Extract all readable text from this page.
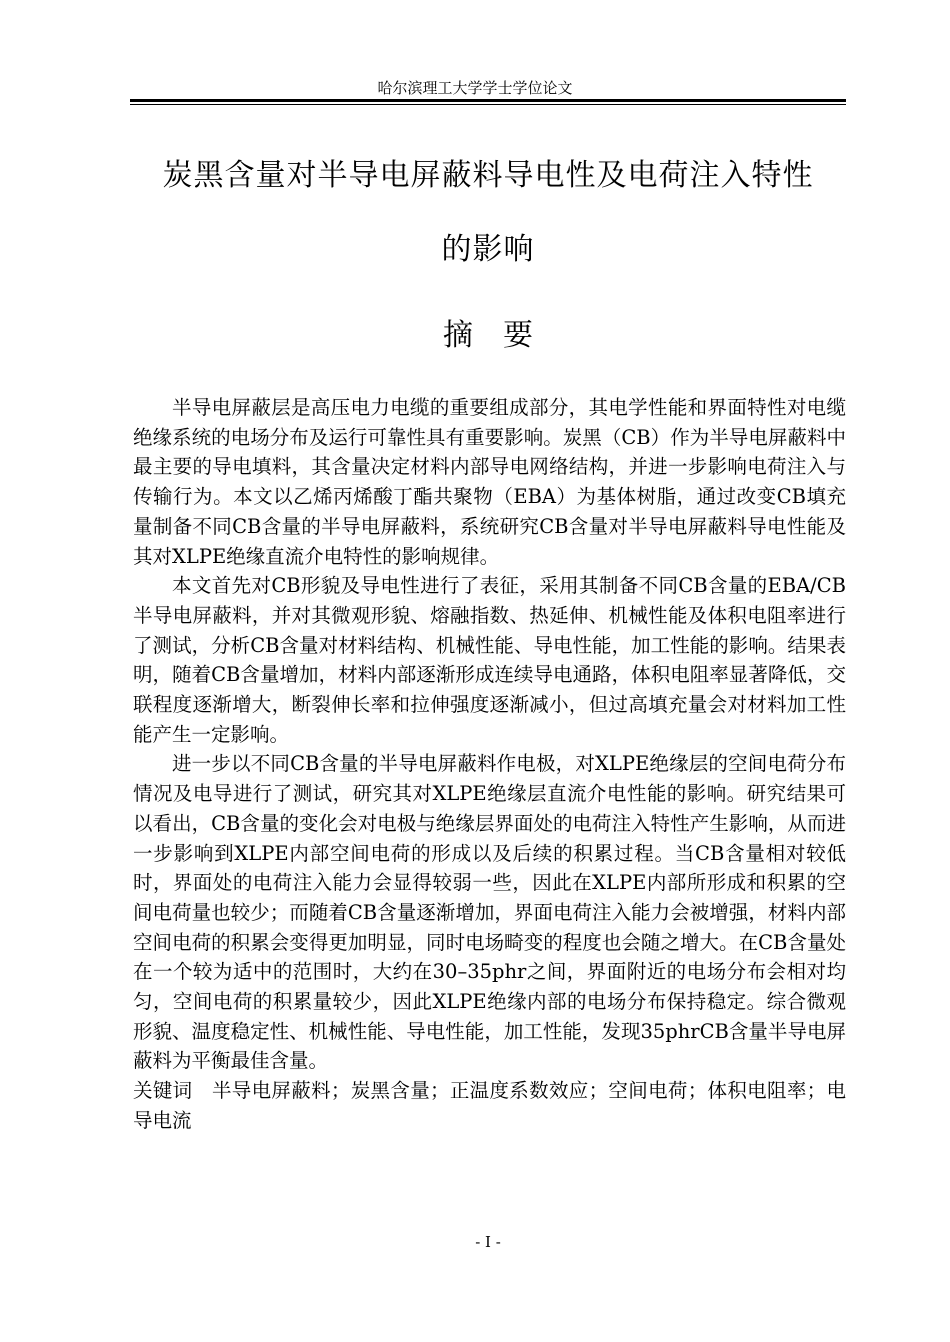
哈尔滨理工大学学士学位论文
炭黑含量对半导电屏蔽料导电性及电荷注入特性
的影响
摘　要

半导电屏蔽层是高压电力电缆的重要组成部分，其电学性能和界面特性对电缆绝缘系统的电场分布及运行可靠性具有重要影响。炭黑（CB）作为半导电屏蔽料中最主要的导电填料，其含量决定材料内部导电网络结构，并进一步影响电荷注入与传输行为。本文以乙烯丙烯酸丁酯共聚物（EBA）为基体树脂，通过改变CB填充量制备不同CB含量的半导电屏蔽料，系统研究CB含量对半导电屏蔽料导电性能及其对XLPE绝缘直流介电特性的影响规律。

本文首先对CB形貌及导电性进行了表征，采用其制备不同CB含量的EBA/CB半导电屏蔽料，并对其微观形貌、熔融指数、热延伸、机械性能及体积电阻率进行了测试，分析CB含量对材料结构、机械性能、导电性能，加工性能的影响。结果表明，随着CB含量增加，材料内部逐渐形成连续导电通路，体积电阻率显著降低，交联程度逐渐增大，断裂伸长率和拉伸强度逐渐减小，但过高填充量会对材料加工性能产生一定影响。

进一步以不同CB含量的半导电屏蔽料作电极，对XLPE绝缘层的空间电荷分布情况及电导进行了测试，研究其对XLPE绝缘层直流介电性能的影响。研究结果可以看出，CB含量的变化会对电极与绝缘层界面处的电荷注入特性产生影响，从而进一步影响到XLPE内部空间电荷的形成以及后续的积累过程。当CB含量相对较低时，界面处的电荷注入能力会显得较弱一些，因此在XLPE内部所形成和积累的空间电荷量也较少；而随着CB含量逐渐增加，界面电荷注入能力会被增强，材料内部空间电荷的积累会变得更加明显，同时电场畸变的程度也会随之增大。在CB含量处在一个较为适中的范围时，大约在30–35phr之间，界面附近的电场分布会相对均匀，空间电荷的积累量较少，因此XLPE绝缘内部的电场分布保持稳定。综合微观形貌、温度稳定性、机械性能、导电性能，加工性能，发现35phrCB含量半导电屏蔽料为平衡最佳含量。

关键词 半导电屏蔽料；炭黑含量；正温度系数效应；空间电荷；体积电阻率；电导电流
- I -
